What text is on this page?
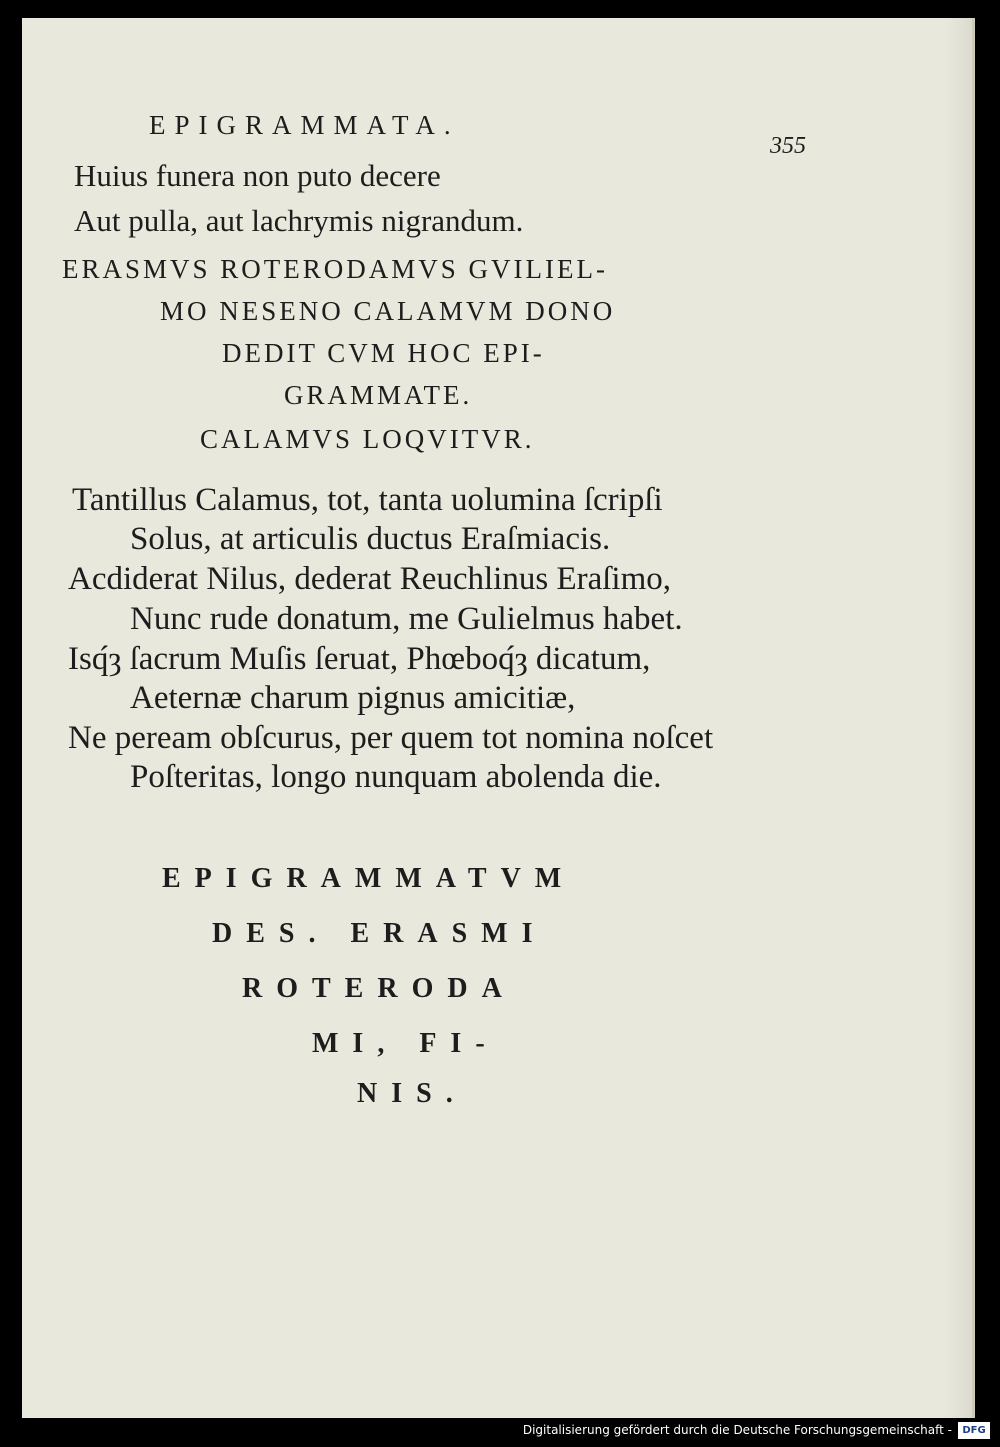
EPIGRAMMATA.
355
Huius funera non puto decere
Aut pulla, aut lachrymis nigrandum.
ERASMVS ROTERODAMVS GVILIEL-
MO NESENO CALAMVM DONO
DEDIT CVM HOC EPI-
GRAMMATE.
CALAMVS LOQVITVR.
Tantillus Calamus, tot, tanta uolumina ſcripſi
Solus, at articulis ductus Eraſmiacis.
Acdiderat Nilus, dederat Reuchlinus Eraſimo,
Nunc rude donatum, me Gulielmus habet.
Isq́ȝ ſacrum Muſis ſeruat, Phœboq́ȝ dicatum,
Aeternæ charum pignus amicitiæ,
Ne peream obſcurus, per quem tot nomina noſcet
Poſteritas, longo nunquam abolenda die.
EPIGRAMMATVM
DES. ERASMI
ROTERODA
MI, FI-
NIS.
Digitalisierung gefördert durch die Deutsche Forschungsgemeinschaft -	DFG
